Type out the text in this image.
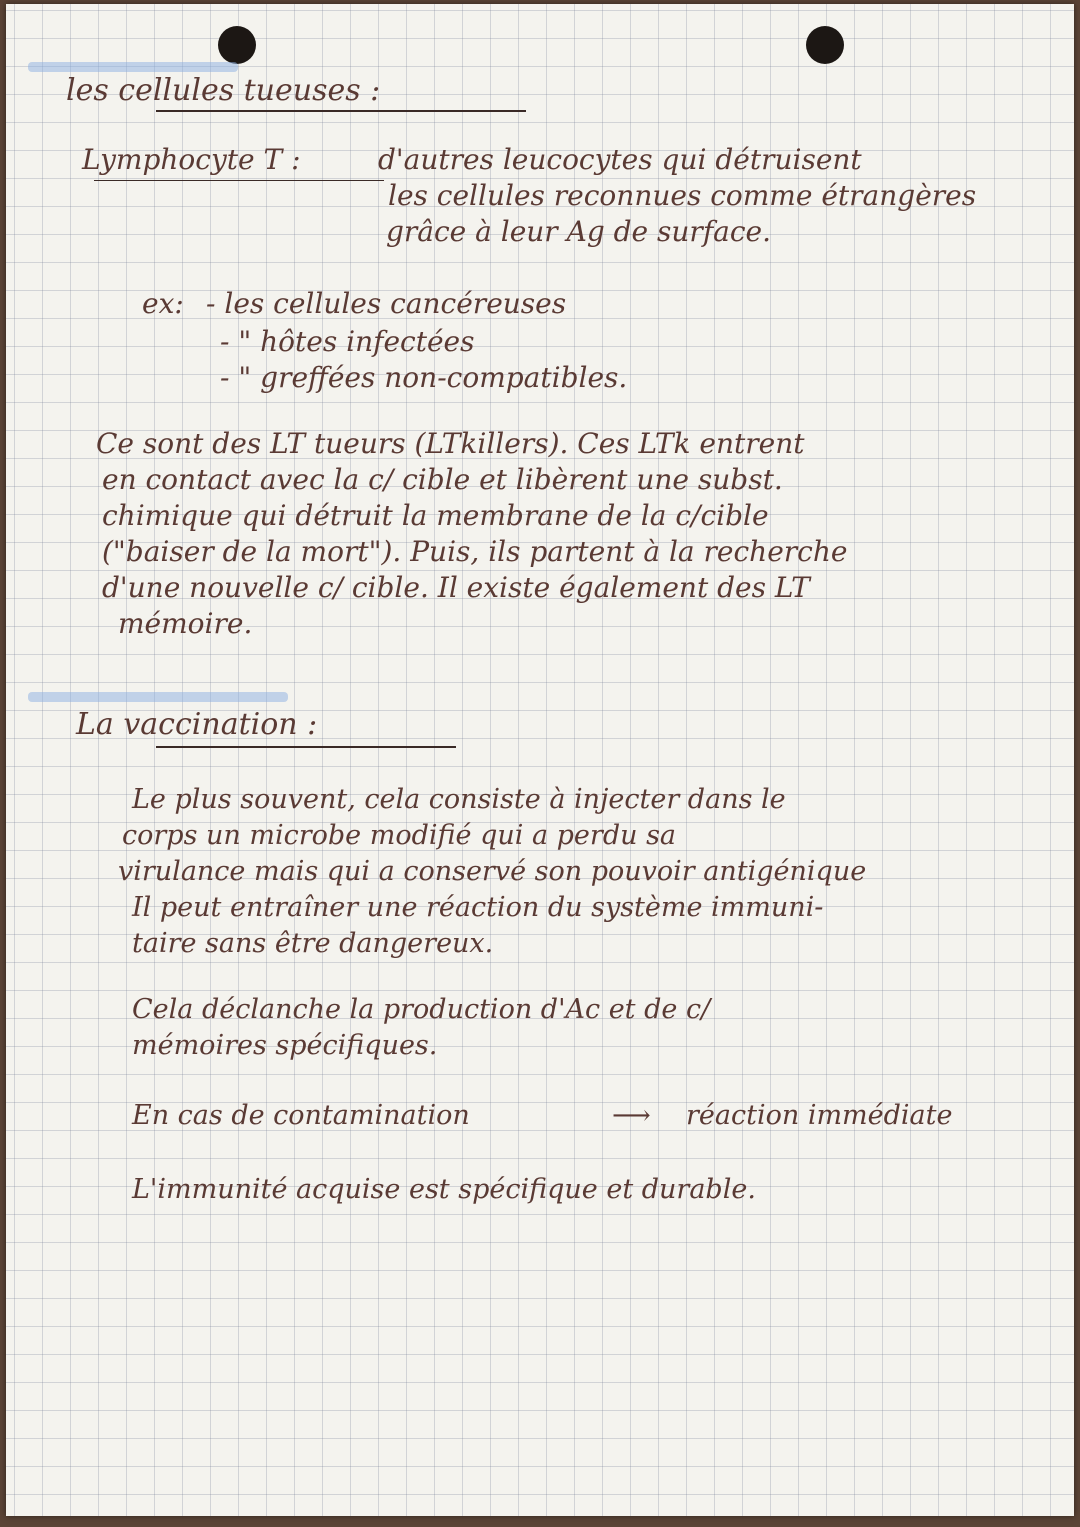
les cellules tueuses :
Lymphocyte T :	d'autres leucocytes qui détruisent
les cellules reconnues comme étrangères
grâce à leur Ag de surface.
ex: - les cellules cancéreuses
- " hôtes infectées
- " greffées non-compatibles.
Ce sont des LT tueurs (LTkillers). Ces LTk entrent
en contact avec la c/ cible et libèrent une subst.
chimique qui détruit la membrane de la c/cible
("baiser de la mort"). Puis, ils partent à la recherche
d'une nouvelle c/ cible. Il existe également des LT
mémoire.
La vaccination :
Le plus souvent, cela consiste à injecter dans le
corps un microbe modifié qui a perdu sa
virulance mais qui a conservé son pouvoir antigénique
Il peut entraîner une réaction du système immuni-
taire sans être dangereux.
Cela déclanche la production d'Ac et de c/
mémoires spécifiques.
En cas de contamination	⟶ réaction immédiate
L'immunité acquise est spécifique et durable.
